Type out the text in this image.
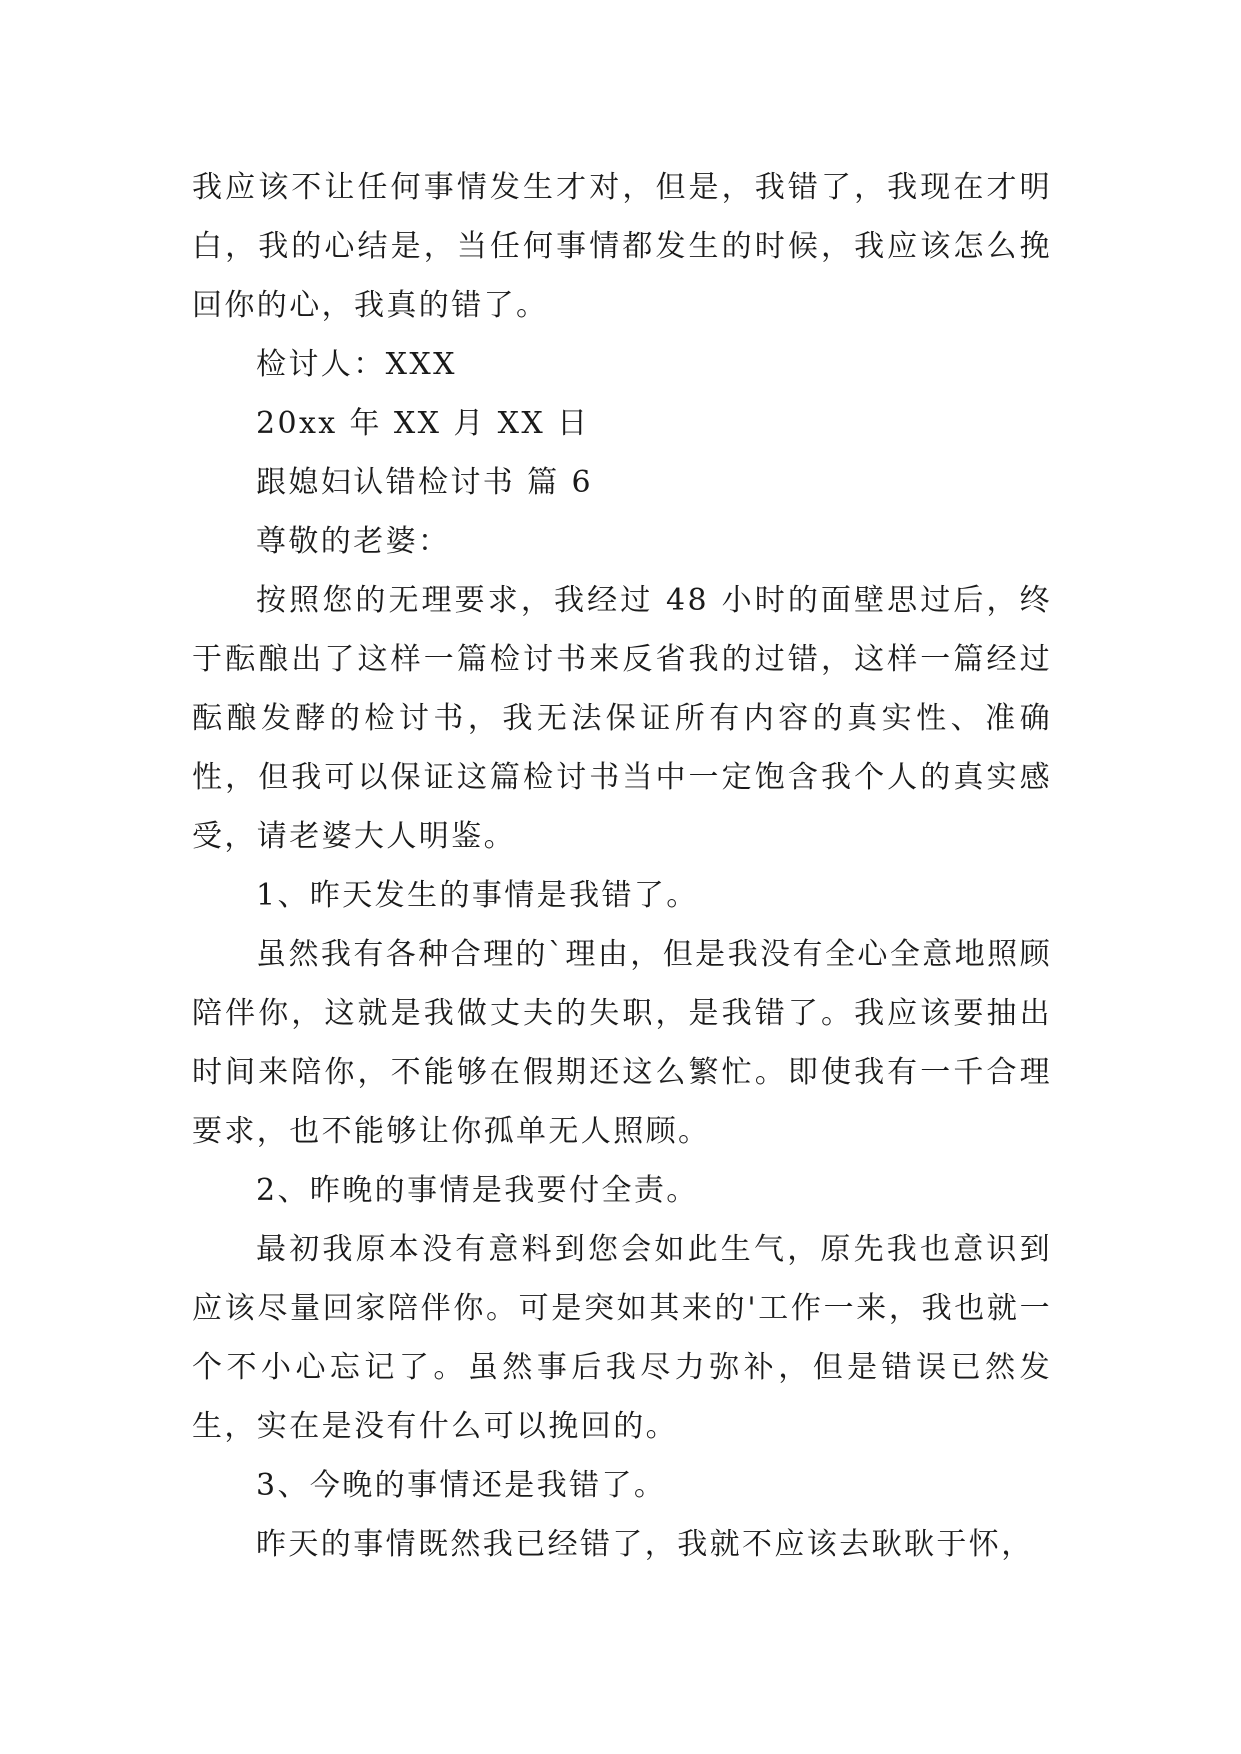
我应该不让任何事情发生才对，但是，我错了，我现在才明白，我的心结是，当任何事情都发生的时候，我应该怎么挽回你的心，我真的错了。

检讨人：XXX

20xx 年 XX 月 XX 日

跟媳妇认错检讨书 篇 6

尊敬的老婆：

按照您的无理要求，我经过 48 小时的面壁思过后，终于酝酿出了这样一篇检讨书来反省我的过错，这样一篇经过酝酿发酵的检讨书，我无法保证所有内容的真实性、准确性，但我可以保证这篇检讨书当中一定饱含我个人的真实感受，请老婆大人明鉴。

1、昨天发生的事情是我错了。

虽然我有各种合理的`理由，但是我没有全心全意地照顾陪伴你，这就是我做丈夫的失职，是我错了。我应该要抽出时间来陪你，不能够在假期还这么繁忙。即使我有一千合理要求，也不能够让你孤单无人照顾。

2、昨晚的事情是我要付全责。

最初我原本没有意料到您会如此生气，原先我也意识到应该尽量回家陪伴你。可是突如其来的'工作一来，我也就一个不小心忘记了。虽然事后我尽力弥补，但是错误已然发生，实在是没有什么可以挽回的。

3、今晚的事情还是我错了。

昨天的事情既然我已经错了，我就不应该去耿耿于怀，
